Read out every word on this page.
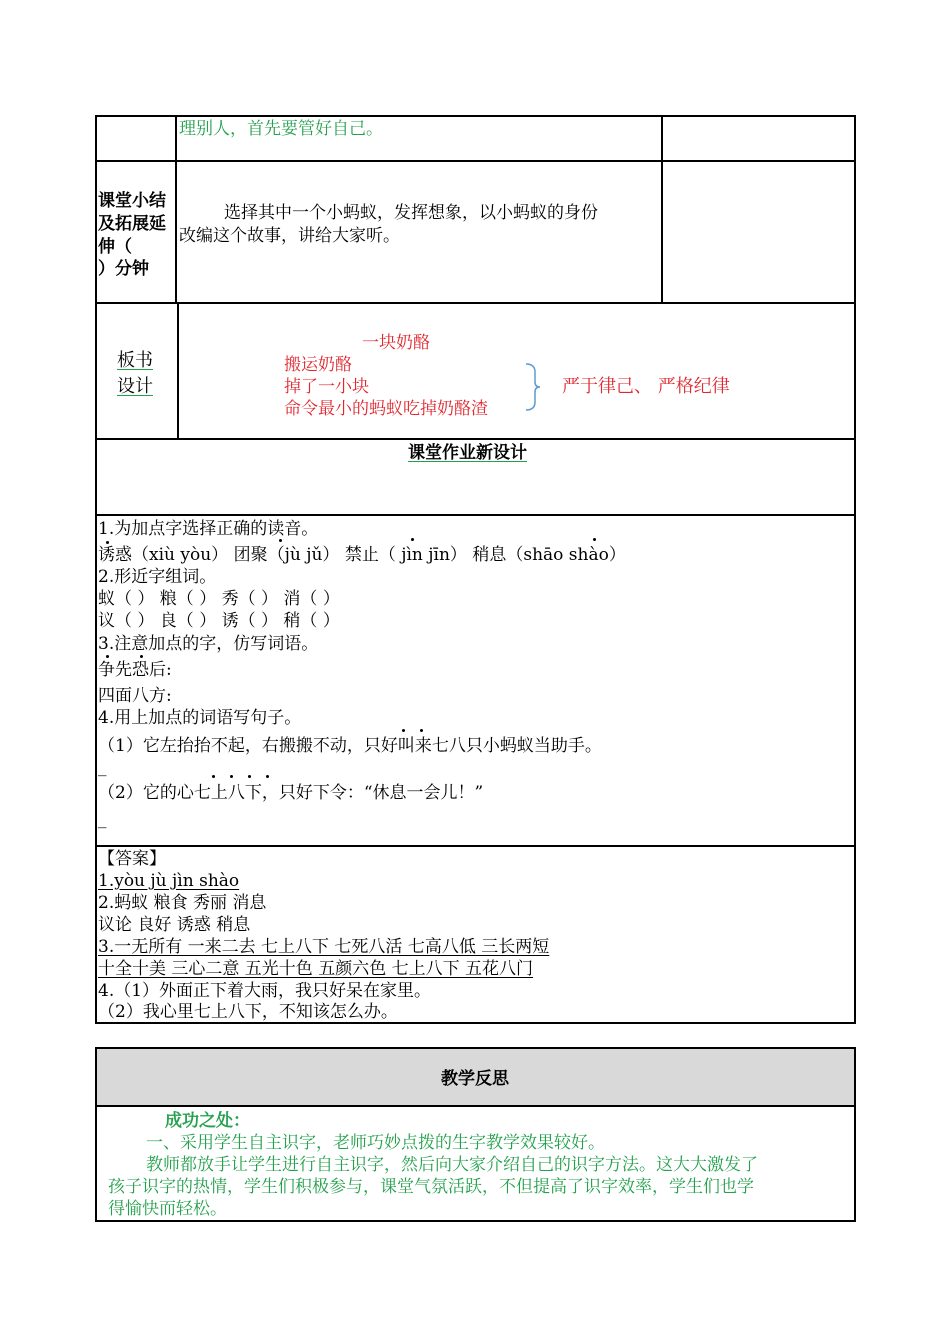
理别人，首先要管好自己。
课堂小结
及拓展延
伸（
）分钟
选择其中一个小蚂蚁，发挥想象，以小蚂蚁的身份
改编这个故事，讲给大家听。
板书
设计
一块奶酪
搬运奶酪
掉了一小块
命令最小的蚂蚁吃掉奶酪渣
严于律己、 严格纪律
课堂作业新设计
1.为加点字选择正确的读音。
诱惑（xiù yòu） 团聚（jù jǔ） 禁止（ jìn jīn） 稍息（shāo shào）
2.形近字组词。
蚁（ ） 粮（ ） 秀（ ） 消（ ）
议（ ） 良（ ） 诱（ ） 稍（ ）
3.注意加点的字，仿写词语。
争先恐后:
四面八方:
4.用上加点的词语写句子。
（1）它左抬抬不起，右搬搬不动，只好叫来七八只小蚂蚁当助手。
_
（2）它的心七上八下，只好下令：“休息一会儿！”
_
【答案】
1.yòu jù jìn shào
2.蚂蚁 粮食 秀丽 消息
议论 良好 诱惑 稍息
3.一无所有 一来二去 七上八下 七死八活 七高八低 三长两短
十全十美 三心二意 五光十色 五颜六色 七上八下 五花八门
4.（1）外面正下着大雨，我只好呆在家里。
（2）我心里七上八下，不知该怎么办。
教学反思
成功之处：
一、采用学生自主识字，老师巧妙点拨的生字教学效果较好。
教师都放手让学生进行自主识字，然后向大家介绍自己的识字方法。这大大激发了
孩子识字的热情，学生们积极参与，课堂气氛活跃，不但提高了识字效率，学生们也学
得愉快而轻松。
